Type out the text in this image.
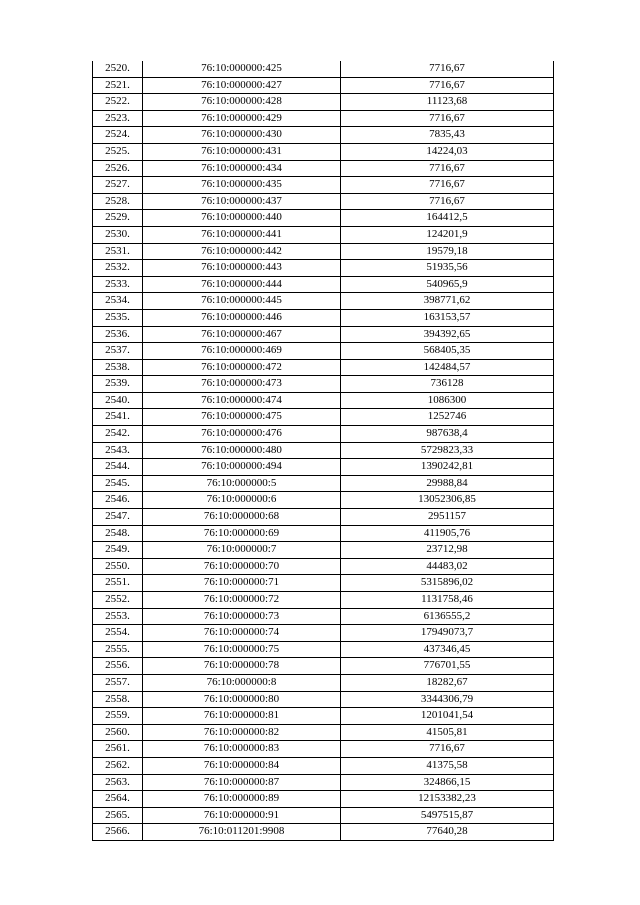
2520.	76:10:000000:425	7716,67
2521.	76:10:000000:427	7716,67
2522.	76:10:000000:428	11123,68
2523.	76:10:000000:429	7716,67
2524.	76:10:000000:430	7835,43
2525.	76:10:000000:431	14224,03
2526.	76:10:000000:434	7716,67
2527.	76:10:000000:435	7716,67
2528.	76:10:000000:437	7716,67
2529.	76:10:000000:440	164412,5
2530.	76:10:000000:441	124201,9
2531.	76:10:000000:442	19579,18
2532.	76:10:000000:443	51935,56
2533.	76:10:000000:444	540965,9
2534.	76:10:000000:445	398771,62
2535.	76:10:000000:446	163153,57
2536.	76:10:000000:467	394392,65
2537.	76:10:000000:469	568405,35
2538.	76:10:000000:472	142484,57
2539.	76:10:000000:473	736128
2540.	76:10:000000:474	1086300
2541.	76:10:000000:475	1252746
2542.	76:10:000000:476	987638,4
2543.	76:10:000000:480	5729823,33
2544.	76:10:000000:494	1390242,81
2545.	76:10:000000:5	29988,84
2546.	76:10:000000:6	13052306,85
2547.	76:10:000000:68	2951157
2548.	76:10:000000:69	411905,76
2549.	76:10:000000:7	23712,98
2550.	76:10:000000:70	44483,02
2551.	76:10:000000:71	5315896,02
2552.	76:10:000000:72	1131758,46
2553.	76:10:000000:73	6136555,2
2554.	76:10:000000:74	17949073,7
2555.	76:10:000000:75	437346,45
2556.	76:10:000000:78	776701,55
2557.	76:10:000000:8	18282,67
2558.	76:10:000000:80	3344306,79
2559.	76:10:000000:81	1201041,54
2560.	76:10:000000:82	41505,81
2561.	76:10:000000:83	7716,67
2562.	76:10:000000:84	41375,58
2563.	76:10:000000:87	324866,15
2564.	76:10:000000:89	12153382,23
2565.	76:10:000000:91	5497515,87
2566.	76:10:011201:9908	77640,28
